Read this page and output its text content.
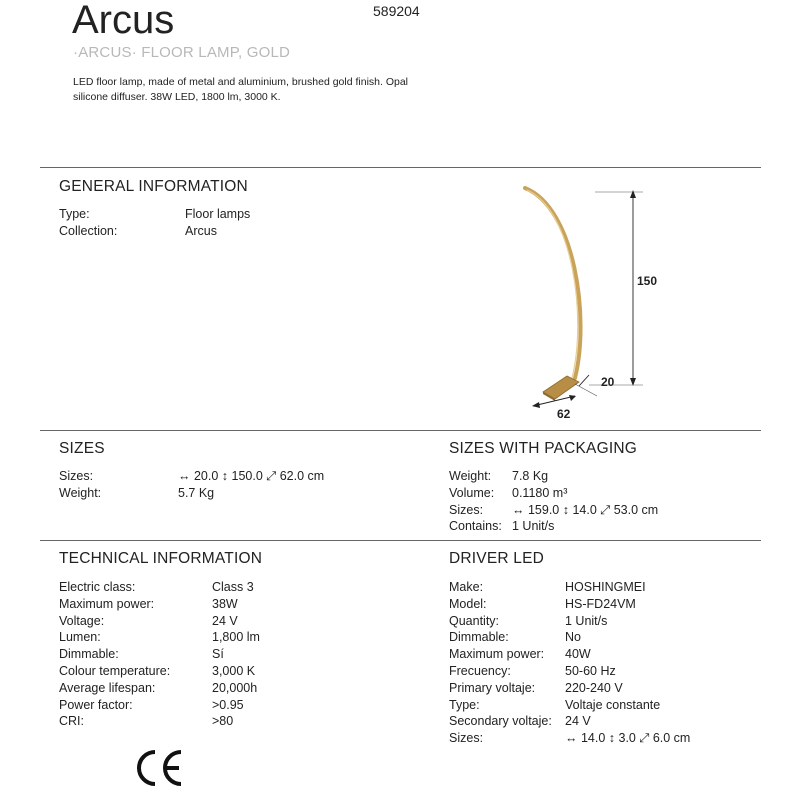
Arcus	589204
·ARCUS· FLOOR LAMP, GOLD
LED floor lamp, made of metal and aluminium, brushed gold finish. Opal silicone diffuser. 38W LED, 1800 lm, 3000 K.
GENERAL INFORMATION
Type:	Floor lamps
Collection:	Arcus
150
20
62
SIZES
Sizes:	↔ 20.0 ↕ 150.0 ⤢ 62.0 cm
Weight:	5.7 Kg
SIZES WITH PACKAGING
Weight:	7.8 Kg
Volume:	0.1180 m³
Sizes:	↔ 159.0 ↕ 14.0 ⤢ 53.0 cm
Contains: 1 Unit/s
TECHNICAL INFORMATION
Electric class:	Class 3
Maximum power:	38W
Voltage:	24 V
Lumen:	1,800 lm
Dimmable:	Sí
Colour temperature:	3,000 K
Average lifespan:	20,000h
Power factor:	>0.95
CRI:	>80
DRIVER LED
Make:	HOSHINGMEI
Model:	HS-FD24VM
Quantity:	1 Unit/s
Dimmable:	No
Maximum power:	40W
Frecuency:	50-60 Hz
Primary voltaje:	220-240 V
Type:	Voltaje constante
Secondary voltaje:	24 V
Sizes:	↔ 14.0 ↕ 3.0 ⤢ 6.0 cm
